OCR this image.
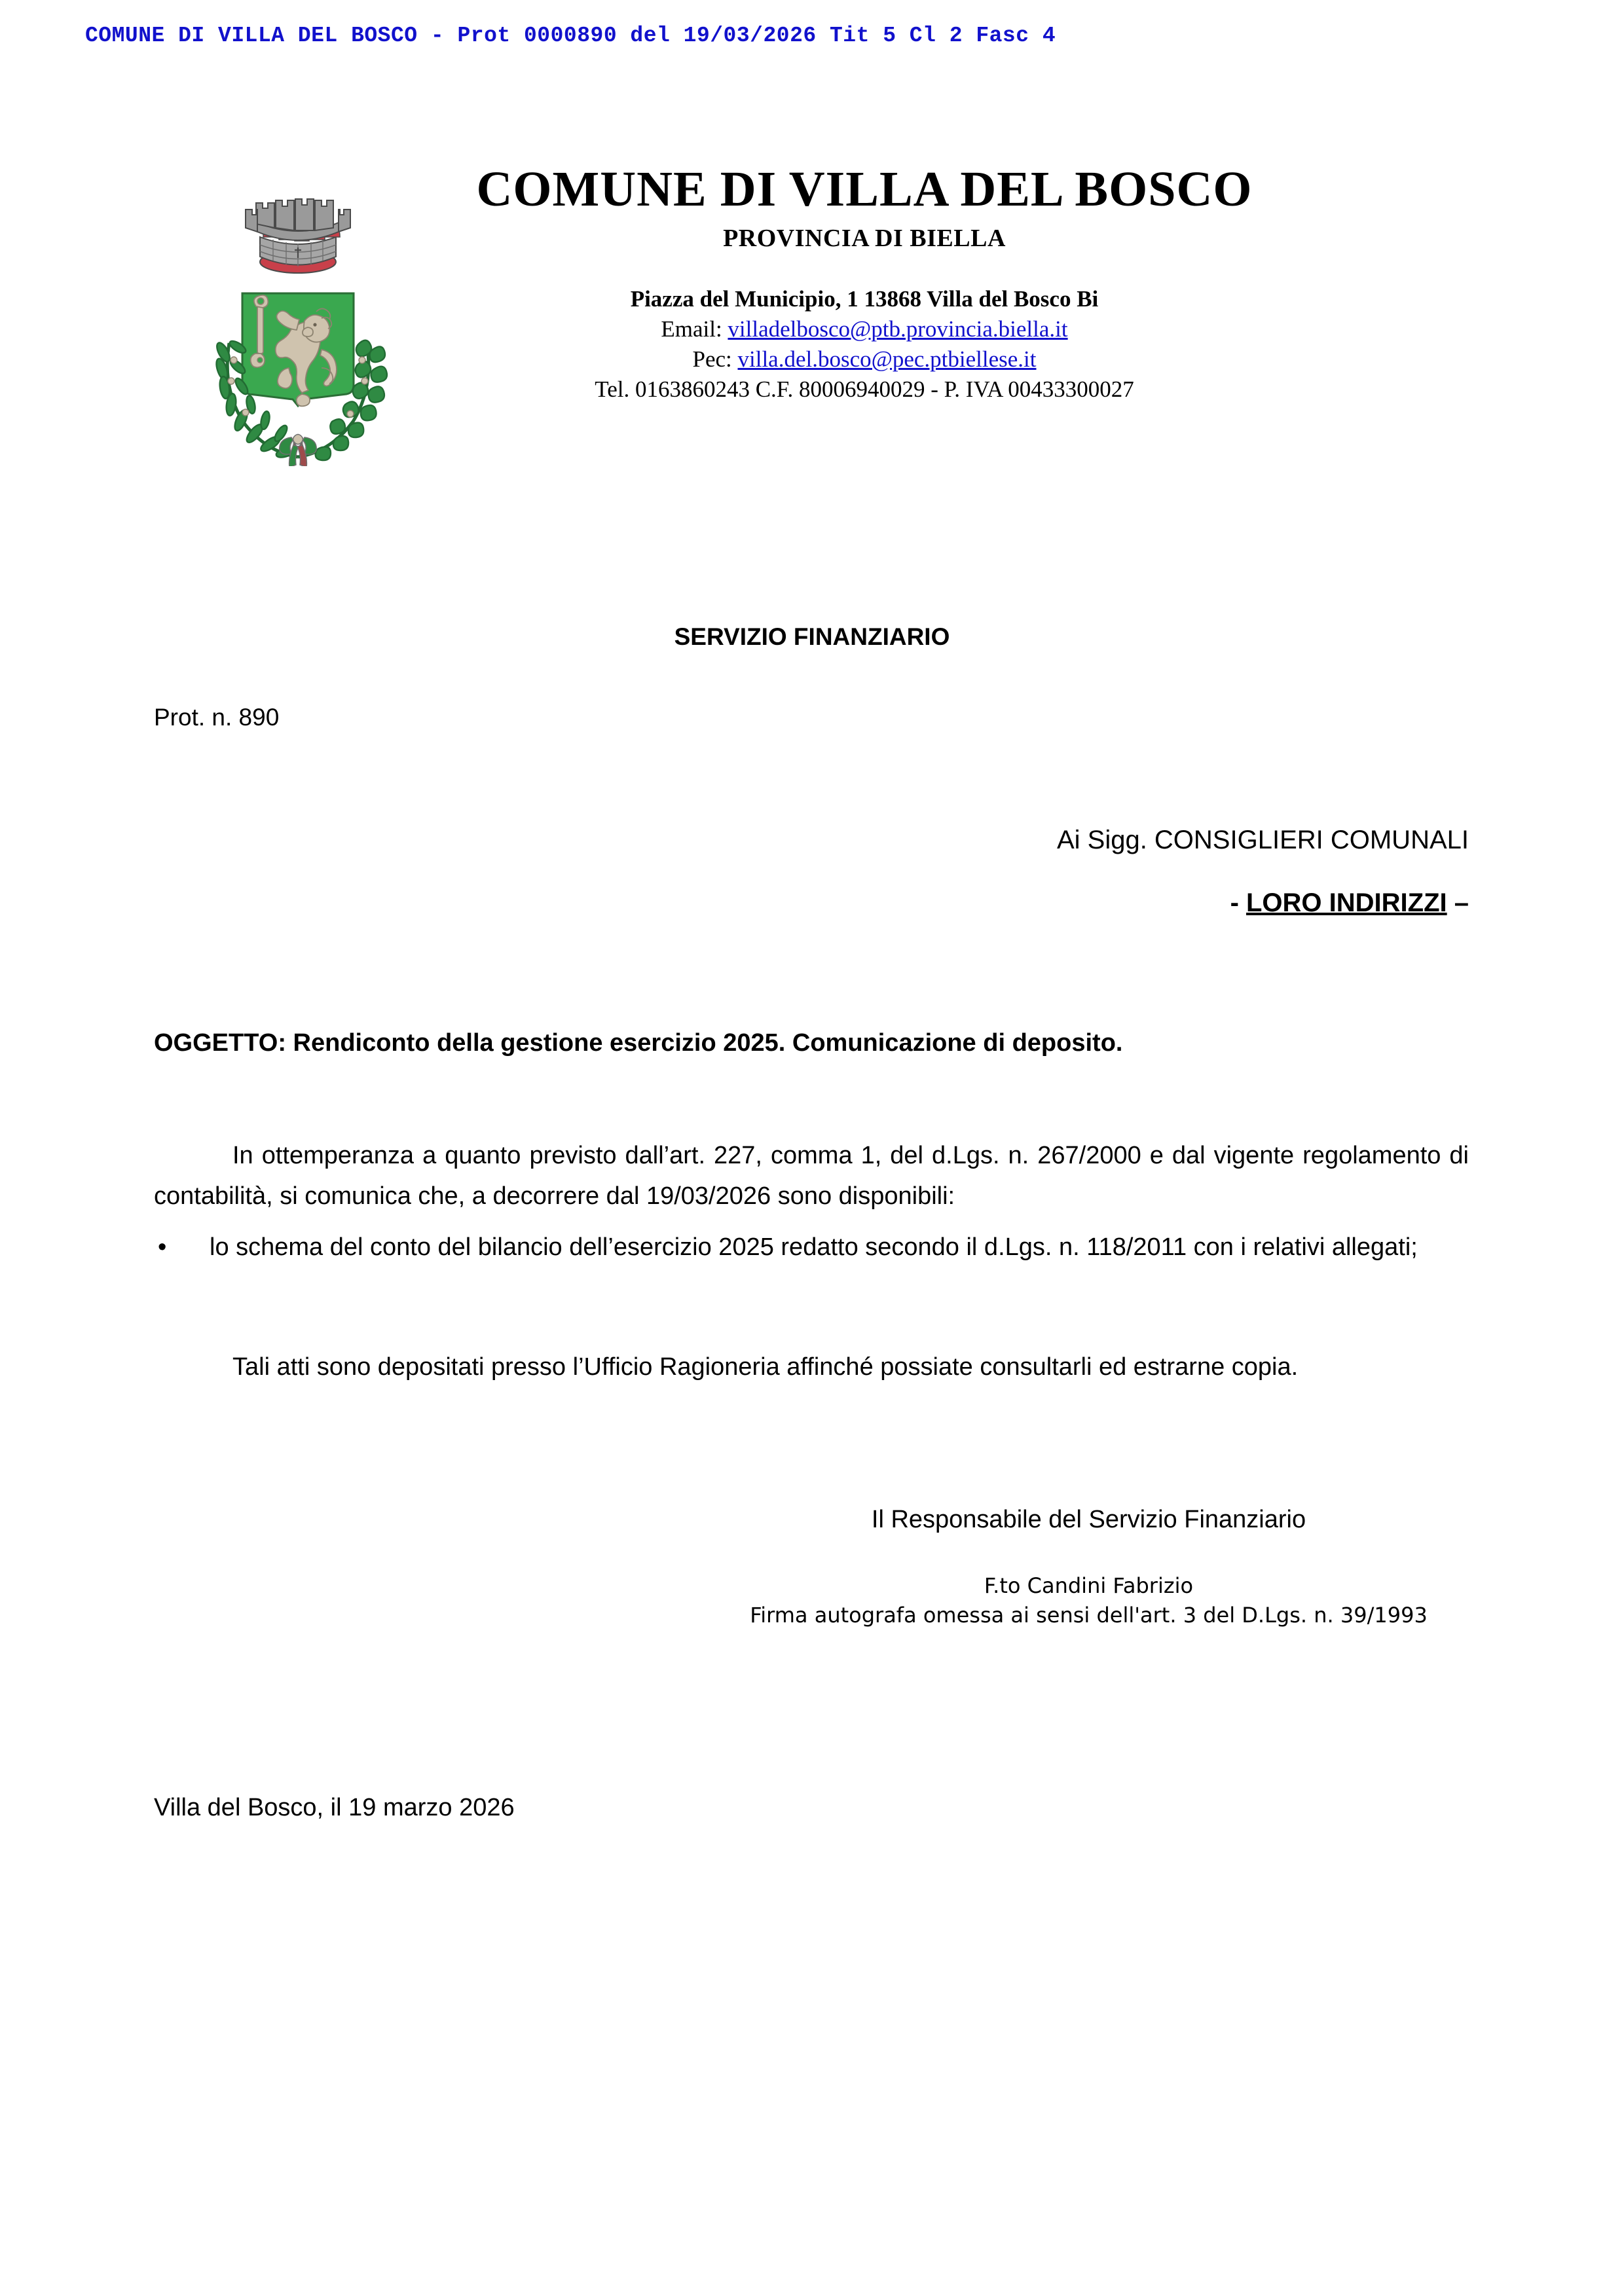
COMUNE DI VILLA DEL BOSCO - Prot 0000890 del 19/03/2026 Tit 5 Cl 2 Fasc 4
COMUNE DI VILLA DEL BOSCO
PROVINCIA DI BIELLA
Piazza del Municipio, 1 13868 Villa del Bosco Bi
Email: villadelbosco@ptb.provincia.biella.it
Pec: villa.del.bosco@pec.ptbiellese.it
Tel. 0163860243 C.F. 80006940029 - P. IVA 00433300027
SERVIZIO FINANZIARIO
Prot. n. 890
Ai Sigg. CONSIGLIERI COMUNALI
- LORO INDIRIZZI –
OGGETTO: Rendiconto della gestione esercizio 2025. Comunicazione di deposito.
In ottemperanza a quanto previsto dall’art. 227, comma 1, del d.Lgs. n. 267/2000 e dal vigente regolamento di contabilità, si comunica che, a decorrere dal 19/03/2026 sono disponibili:
• lo schema del conto del bilancio dell’esercizio 2025 redatto secondo il d.Lgs. n. 118/2011 con i relativi allegati;
Tali atti sono depositati presso l’Ufficio Ragioneria affinché possiate consultarli ed estrarne copia.
Il Responsabile del Servizio Finanziario
F.to Candini Fabrizio
Firma autografa omessa ai sensi dell'art. 3 del D.Lgs. n. 39/1993
Villa del Bosco, il 19 marzo 2026
